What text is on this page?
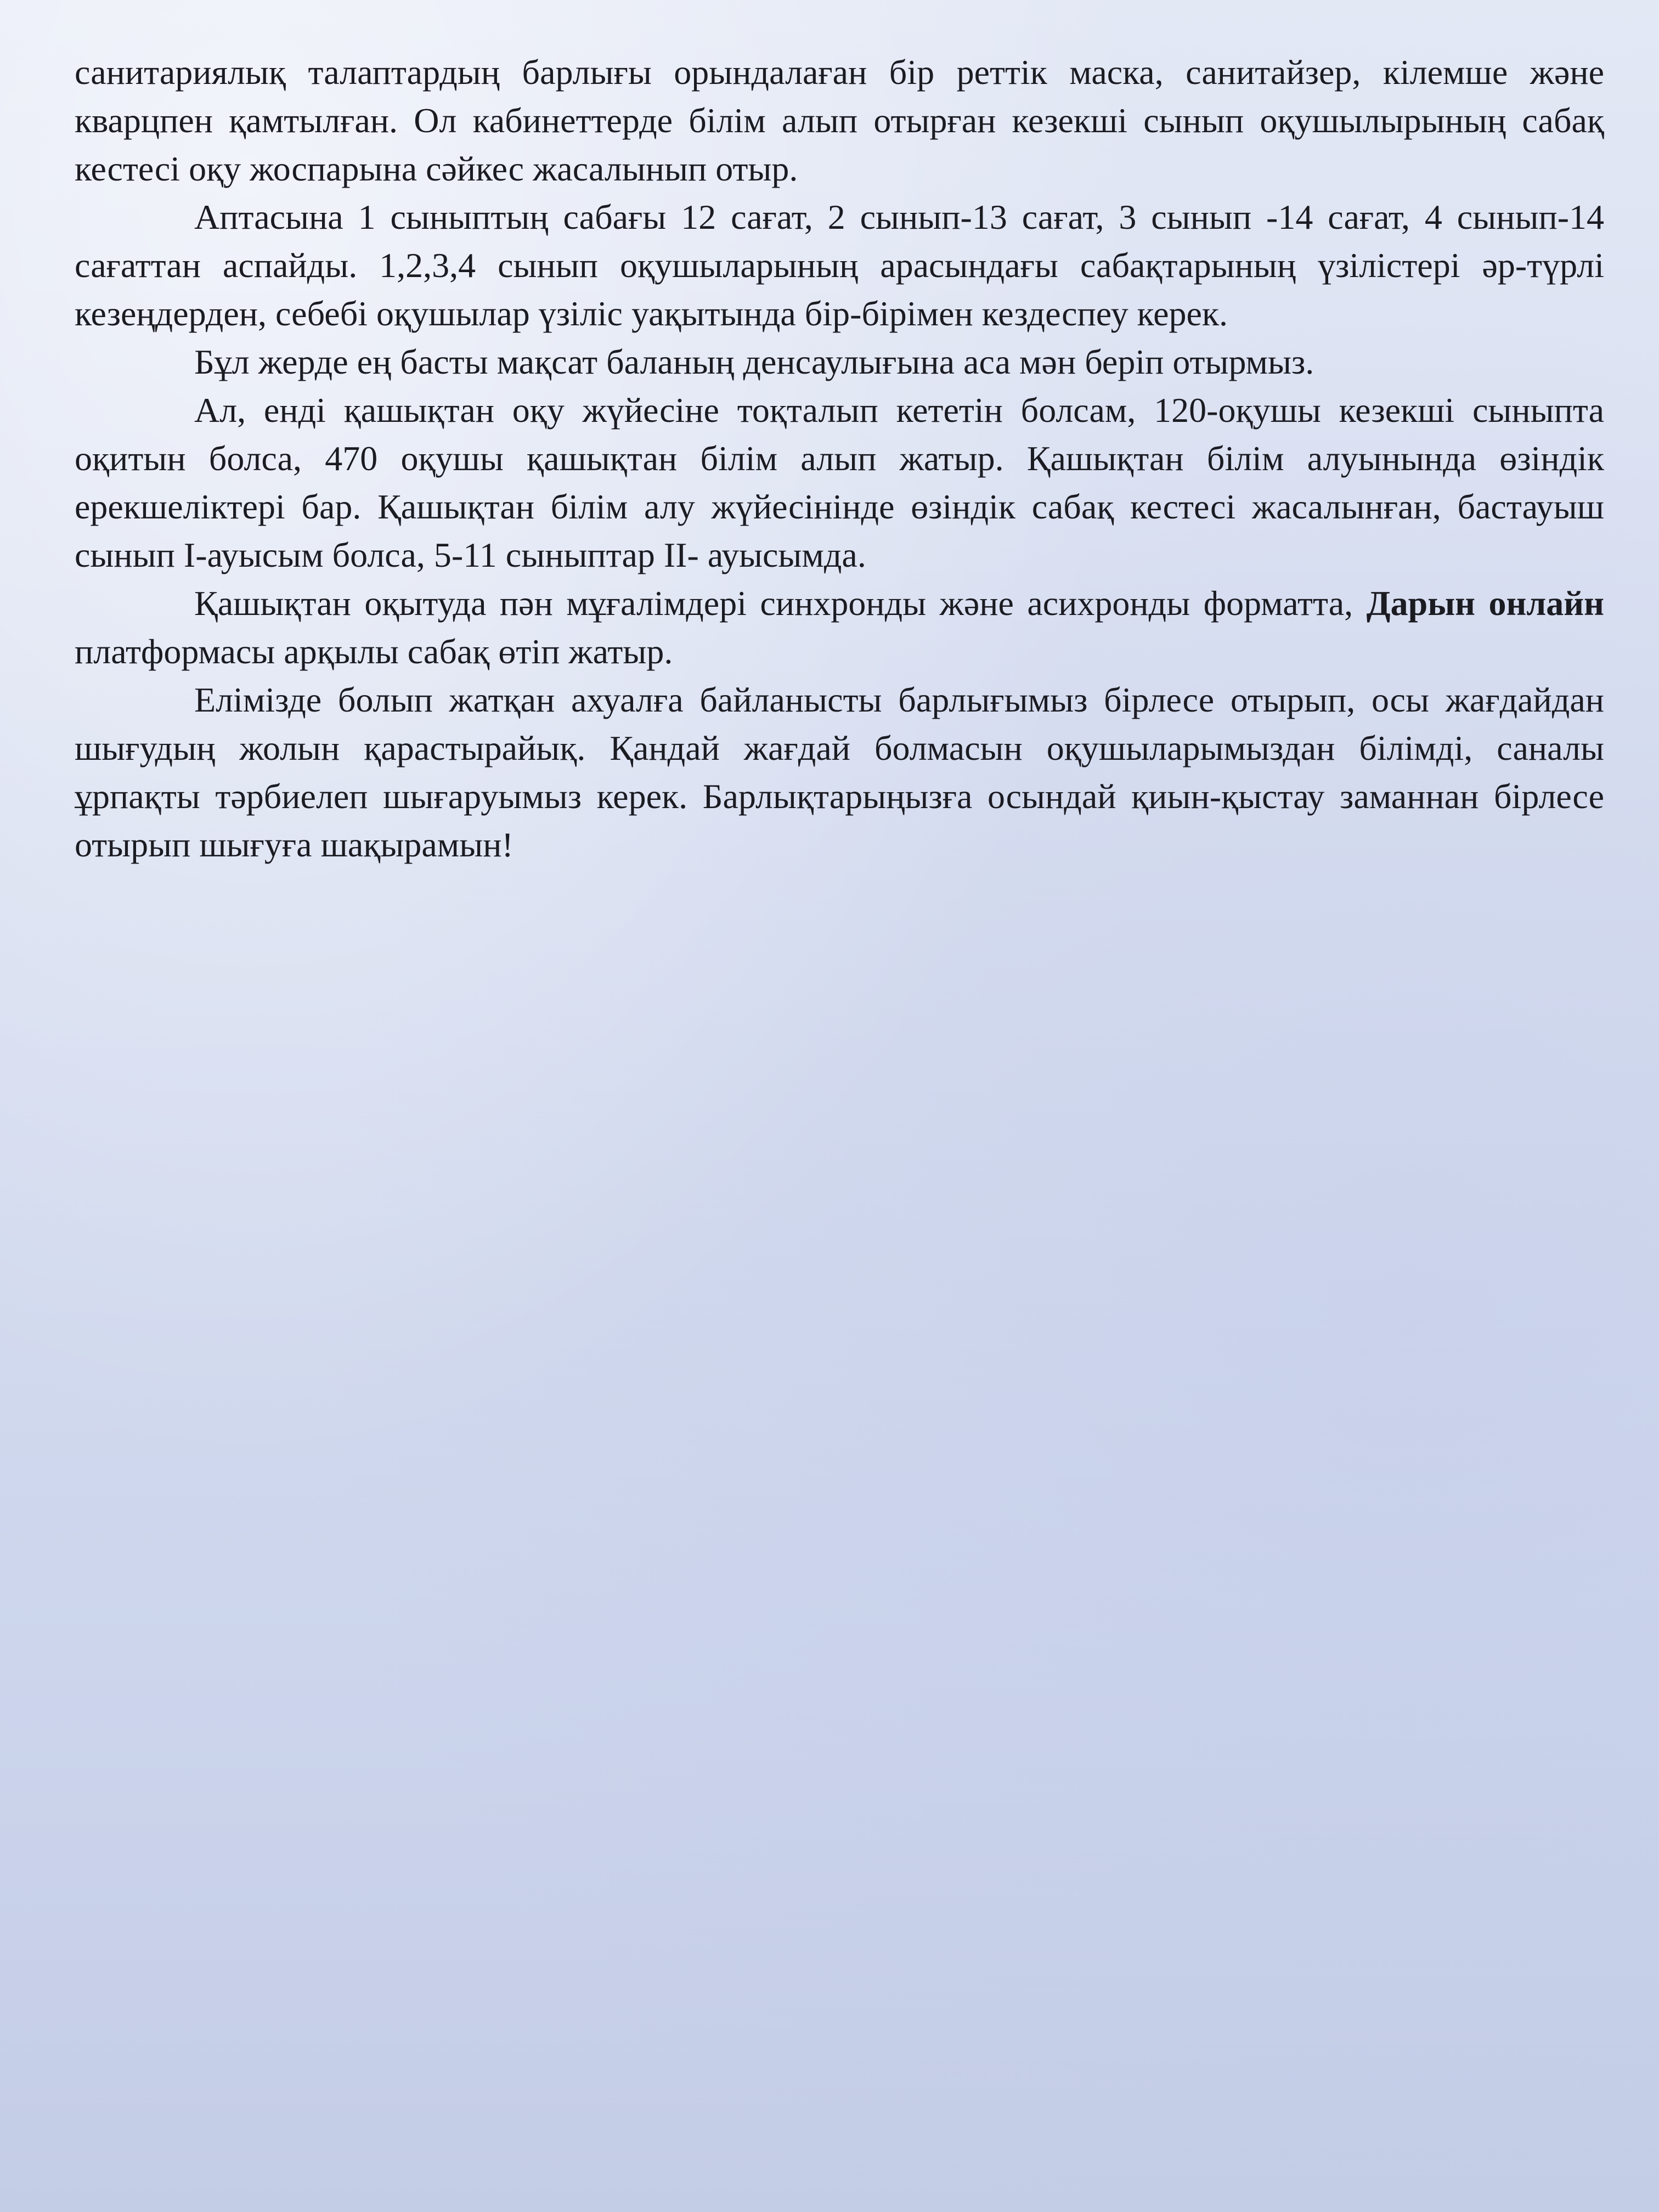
санитариялық талаптардың барлығы орындалаған бір реттік маска, санитайзер, кілемше және кварцпен қамтылған. Ол кабинеттерде білім алып отырған кезекші сынып оқушылырының сабақ кестесі оқу жоспарына сәйкес жасалынып отыр.

Аптасына 1 сыныптың сабағы 12 сағат, 2 сынып-13 сағат, 3 сынып -14 сағат, 4 сынып-14 сағаттан аспайды. 1,2,3,4 сынып оқушыларының арасындағы сабақтарының үзілістері әр-түрлі кезеңдерден, себебі оқушылар үзіліс уақытында бір-бірімен кездеспеу керек.

Бұл жерде ең басты мақсат баланың денсаулығына аса мән беріп отырмыз.

Ал, енді қашықтан оқу жүйесіне тоқталып кететін болсам, 120-оқушы кезекші сыныпта оқитын болса, 470 оқушы қашықтан білім алып жатыр. Қашықтан білім алуынында өзіндік ерекшеліктері бар. Қашықтан білім алу жүйесінінде өзіндік сабақ кестесі жасалынған, бастауыш сынып I-ауысым болса, 5-11 сыныптар II- ауысымда.

Қашықтан оқытуда пән мұғалімдері синхронды және асихронды форматта, Дарын онлайн платформасы арқылы сабақ өтіп жатыр.

Елімізде болып жатқан ахуалға байланысты барлығымыз бірлесе отырып, осы жағдайдан шығудың жолын қарастырайық. Қандай жағдай болмасын оқушыларымыздан білімді, саналы ұрпақты тәрбиелеп шығаруымыз керек. Барлықтарыңызға осындай қиын-қыстау заманнан бірлесе отырып шығуға шақырамын!
